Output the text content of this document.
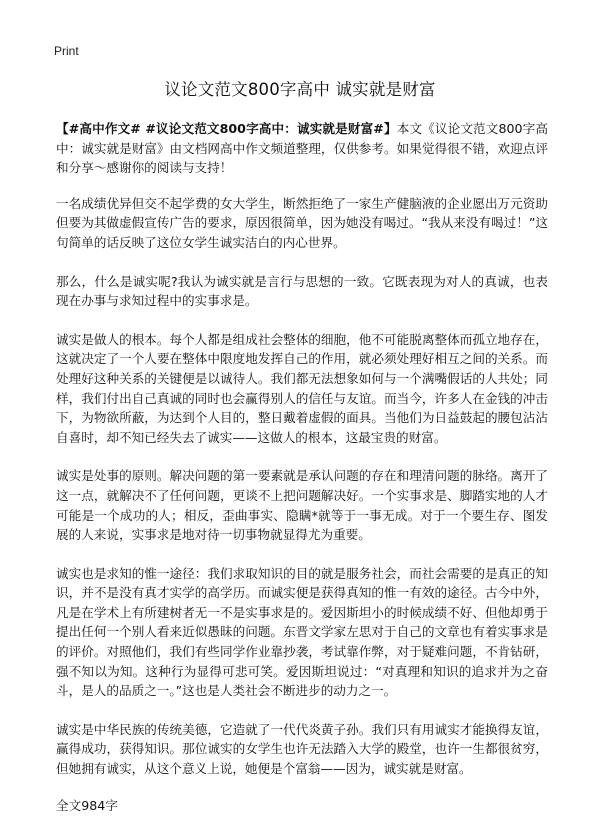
Print
议论文范文800字高中 诚实就是财富

【#高中作文# #议论文范文800字高中：诚实就是财富#】本文《议论文范文800字高中：诚实就是财富》由文档网高中作文频道整理，仅供参考。如果觉得很不错，欢迎点评和分享～感谢你的阅读与支持！

一名成绩优异但交不起学费的女大学生，断然拒绝了一家生产健脑液的企业愿出万元资助但要为其做虚假宣传广告的要求，原因很简单，因为她没有喝过。“我从来没有喝过！”这句简单的话反映了这位女学生诚实洁白的内心世界。

那么，什么是诚实呢?我认为诚实就是言行与思想的一致。它既表现为对人的真诚，也表现在办事与求知过程中的实事求是。

诚实是做人的根本。每个人都是组成社会整体的细胞，他不可能脱离整体而孤立地存在，这就决定了一个人要在整体中限度地发挥自己的作用，就必须处理好相互之间的关系。而处理好这种关系的关键便是以诚待人。我们都无法想象如何与一个满嘴假话的人共处；同样，我们付出自己真诚的同时也会赢得别人的信任与友谊。而当今，许多人在金钱的冲击下，为物欲所蔽，为达到个人目的，整日戴着虚假的面具。当他们为日益鼓起的腰包沾沾自喜时，却不知已经失去了诚实——这做人的根本，这最宝贵的财富。

诚实是处事的原则。解决问题的第一要素就是承认问题的存在和理清问题的脉络。离开了这一点，就解决不了任何问题，更谈不上把问题解决好。一个实事求是、脚踏实地的人才可能是一个成功的人；相反，歪曲事实、隐瞒*就等于一事无成。对于一个要生存、图发展的人来说，实事求是地对待一切事物就显得尤为重要。

诚实也是求知的惟一途径：我们求取知识的目的就是服务社会，而社会需要的是真正的知识，并不是没有真才实学的高学历。而诚实便是获得真知的惟一有效的途径。古今中外，凡是在学术上有所建树者无一不是实事求是的。爱因斯坦小的时候成绩不好、但他却勇于提出任何一个别人看来近似愚昧的问题。东晋文学家左思对于自己的文章也有着实事求是的评价。对照他们，我们有些同学作业靠抄袭，考试靠作弊，对于疑难问题，不肯钻研，强不知以为知。这种行为显得可悲可笑。爱因斯坦说过：“对真理和知识的追求并为之奋斗，是人的品质之一。”这也是人类社会不断进步的动力之一。

诚实是中华民族的传统美德，它造就了一代代炎黄子孙。我们只有用诚实才能换得友谊，赢得成功，获得知识。那位诚实的女学生也许无法踏入大学的殿堂，也许一生都很贫穷，但她拥有诚实，从这个意义上说，她便是个富翁——因为，诚实就是财富。

全文984字
